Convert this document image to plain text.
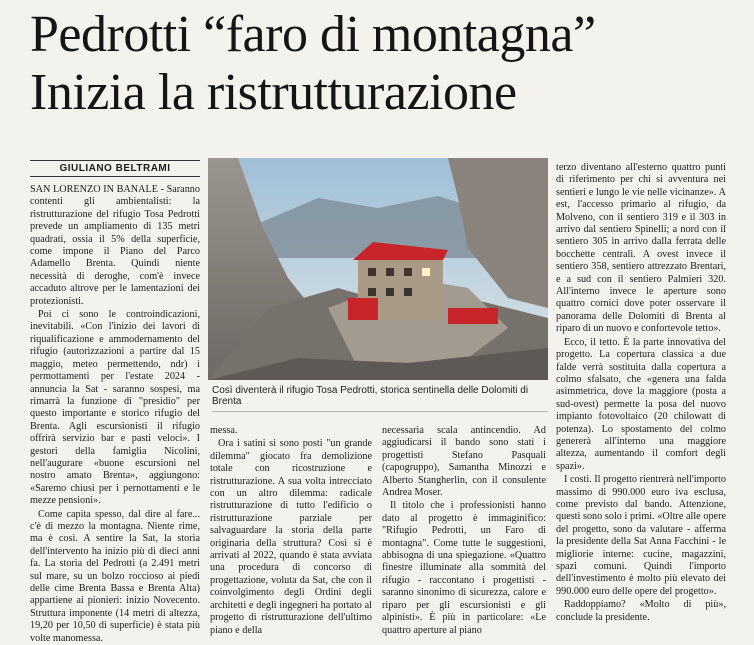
Pedrotti “faro di montagna”
Inizia la ristrutturazione
GIULIANO BELTRAMI

SAN LORENZO IN BANALE - Saranno contenti gli ambientalisti: la ristrutturazione del rifugio Tosa Pedrotti prevede un ampliamento di 135 metri quadrati, ossia il 5% della superficie, come impone il Piano del Parco Adamello Brenta. Quindi niente necessità di deroghe, com'è invece accaduto altrove per le lamentazioni dei protezionisti.

Poi ci sono le controindicazioni, inevitabili. «Con l'inizio dei lavori di riqualificazione e ammodernamento del rifugio (autorizzazioni a partire dal 15 maggio, meteo permettendo, ndr) i permottamenti per l'estate 2024 - annuncia la Sat - saranno sospesi, ma rimarrà la funzione di "presidio" per questo importante e storico rifugio del Brenta. Agli escursionisti il rifugio offrirà servizio bar e pasti veloci». I gestori della famiglia Nicolini, nell'augurare «buone escursioni nel nostro amato Brenta», aggiungono: «Saremo chiusi per i pernottamenti e le mezze pensioni».

Come capita spesso, dal dire al fare... c'è di mezzo la montagna. Niente rime, ma è così. A sentire la Sat, la storia dell'intervento ha inizio più di dieci anni fa. La storia del Pedrotti (a 2.491 metri sul mare, su un bolzo roccioso ai piedi delle cime Brenta Bassa e Brenta Alta) appartiene ai pionieri: inizio Novecento. Struttura imponente (14 metri di altezza, 19,20 per 10,50 di superficie) è stata più volte manomessa.

Così diventerà il rifugio Tosa Pedrotti, storica sentinella delle Dolomiti di Brenta

messa.

Ora i satini si sono posti "un grande dilemma" giocato fra demolizione totale con ricostruzione e ristrutturazione. A sua volta intrecciato con un altro dilemma: radicale ristrutturazione di tutto l'edificio o ristrutturazione parziale per salvaguardare la storia della parte originaria della struttura? Così si è arrivati al 2022, quando è stata avviata una procedura di concorso di progettazione, voluta da Sat, che con il coinvolgimento degli Ordini degli architetti e degli ingegneri ha portato al progetto di ristrutturazione dell'ultimo piano e della

necessaria scala antincendio. Ad aggiudicarsi il bando sono stati i progettisti Stefano Pasquali (capogruppo), Samantha Minozzi e Alberto Stangherlin, con il consulente Andrea Moser.

Il titolo che i professionisti hanno dato al progetto è immaginifico: "Rifugio Pedrotti, un Faro di montagna". Come tutte le suggestioni, abbisogna di una spiegazione. «Quattro finestre illuminate alla sommità del rifugio - raccontano i progettisti - saranno sinonimo di sicurezza, calore e riparo per gli escursionisti e gli alpinisti». È più in particolare: «Le quattro aperture al piano

terzo diventano all'esterno quattro punti di riferimento per chi si avventura nei sentieri e lungo le vie nelle vicinanze». A est, l'accesso primario al rifugio, da Molveno, con il sentiero 319 e il 303 in arrivo dal sentiero Spinelli; a nord con il sentiero 305 in arrivo dalla ferrata delle bocchette centrali. A ovest invece il sentiero 358, sentiero attrezzato Brentari, e a sud con il sentiero Palmieri 320. All'interno invece le aperture sono quattro cornici dove poter osservare il panorama delle Dolomiti di Brenta al riparo di un nuovo e confortevole tetto».

Ecco, il tetto. È la parte innovativa del progetto. La copertura classica a due falde verrà sostituita dalla copertura a colmo sfalsato, che «genera una falda asimmetrica, dove la maggiore (posta a sud-ovest) permette la posa del nuovo impianto fotovoltaico (20 chilowatt di potenza). Lo spostamento del colmo genererà all'interno una maggiore altezza, aumentando il comfort degli spazi».

I costi. Il progetto rientrerà nell'importo massimo di 990.000 euro iva esclusa, come previsto dal bando. Attenzione, questi sono solo i primi. «Oltre alle opere del progetto, sono da valutare - afferma la presidente della Sat Anna Facchini - le migliorie interne: cucine, magazzini, spazi comuni. Quindi l'importo dell'investimento è molto più elevato dei 990.000 euro delle opere del progetto».

Raddoppiamo? «Molto di più», conclude la presidente.
